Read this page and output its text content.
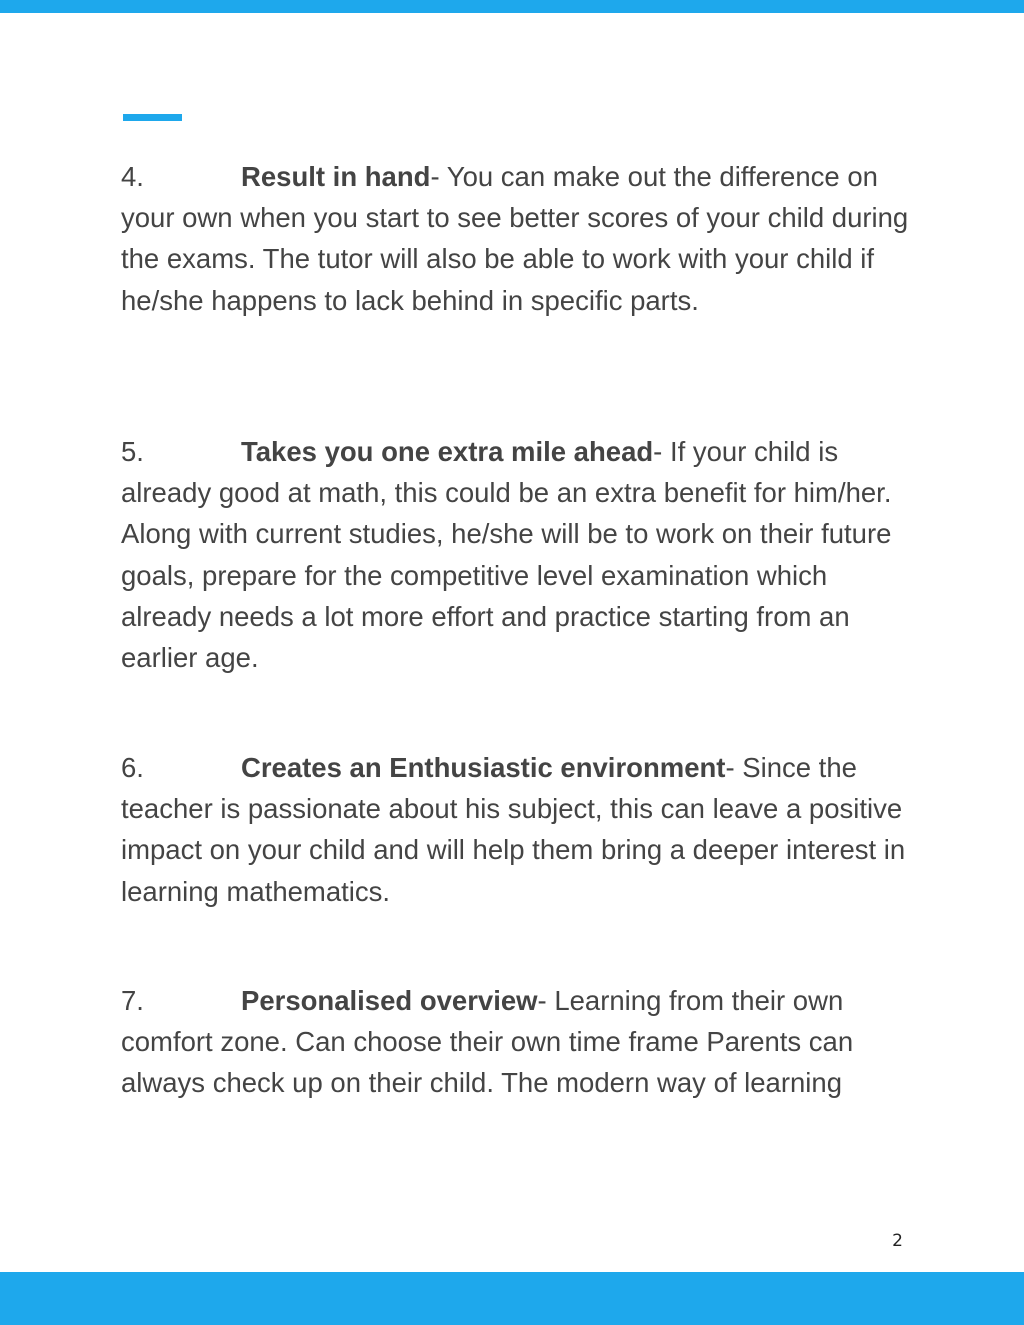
4.	Result in hand- You can make out the difference on your own when you start to see better scores of your child during the exams. The tutor will also be able to work with your child if he/she happens to lack behind in specific parts.

5.	Takes you one extra mile ahead- If your child is already good at math, this could be an extra benefit for him/her. Along with current studies, he/she will be to work on their future goals, prepare for the competitive level examination which already needs a lot more effort and practice starting from an earlier age.

6.	Creates an Enthusiastic environment- Since the teacher is passionate about his subject, this can leave a positive impact on your child and will help them bring a deeper interest in learning mathematics.

7.	Personalised overview- Learning from their own comfort zone. Can choose their own time frame Parents can always check up on their child. The modern way of learning

2
